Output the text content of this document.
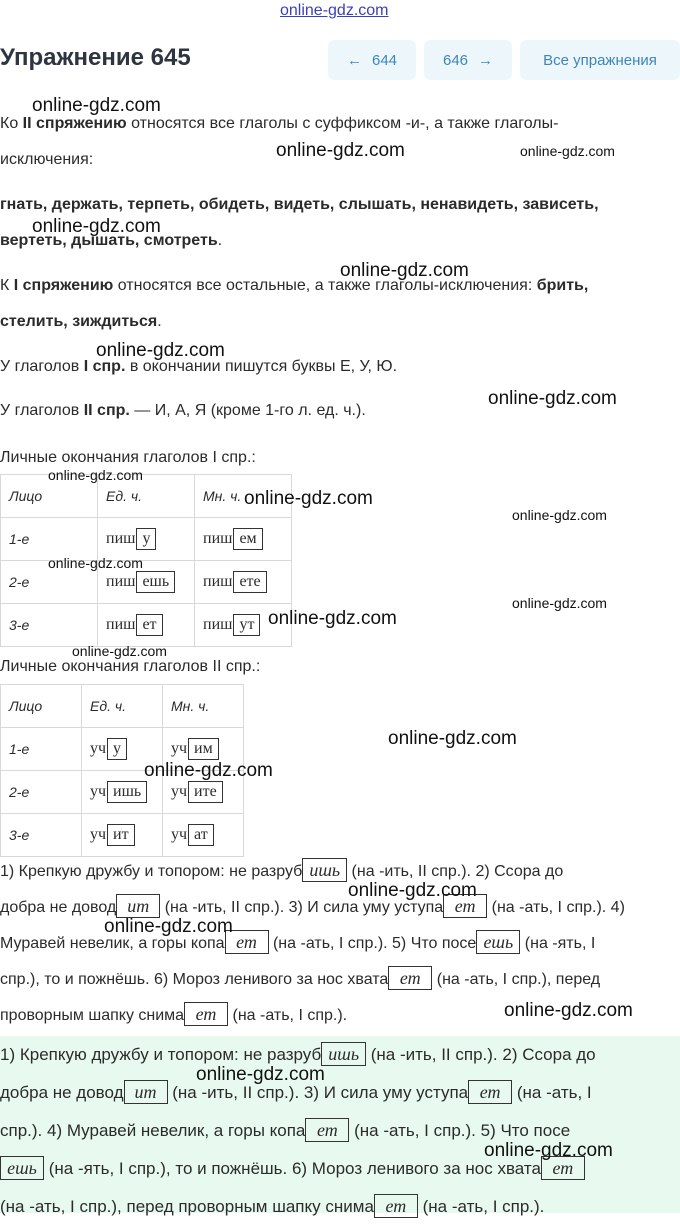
online-gdz.com
Упражнение 645	← 644	646 →	Все упражнения
Ко II спряжению относятся все глаголы с суффиксом -и-, а также глаголы-
исключения:
гнать, держать, терпеть, обидеть, видеть, слышать, ненавидеть, зависеть,
вертеть, дышать, смотреть.
К I спряжению относятся все остальные, а также глаголы-исключения: брить,
стелить, зиждиться.
У глаголов I спр. в окончании пишутся буквы Е, У, Ю.
У глаголов II спр. — И, А, Я (кроме 1-го л. ед. ч.).
Личные окончания глаголов I спр.:
Лицо	Ед. ч.	Мн. ч.
1-е	пиш у	пиш ем
2-е	пиш ешь	пиш ете
3-е	пиш ет	пиш ут
Личные окончания глаголов II спр.:
Лицо	Ед. ч.	Мн. ч.
1-е	уч у	уч им
2-е	уч ишь	уч ите
3-е	уч ит	уч ат
1) Крепкую дружбу и топором: не разруб ишь (на -ить, II спр.). 2) Ссора до
добра не довод ит (на -ить, II спр.). 3) И сила уму уступа ет (на -ать, I спр.). 4)
Муравей невелик, а горы копа ет (на -ать, I спр.). 5) Что посе ешь (на -ять, I
спр.), то и пожнёшь. 6) Мороз ленивого за нос хвата ет (на -ать, I спр.), перед
проворным шапку снима ет (на -ать, I спр.).
1) Крепкую дружбу и топором: не разруб ишь (на -ить, II спр.). 2) Ссора до
добра не довод ит (на -ить, II спр.). 3) И сила уму уступа ет (на -ать, I
спр.). 4) Муравей невелик, а горы копа ет (на -ать, I спр.). 5) Что посе
ешь (на -ять, I спр.), то и пожнёшь. 6) Мороз ленивого за нос хвата ет
(на -ать, I спр.), перед проворным шапку снима ет (на -ать, I спр.).
online-gdz.com
online-gdz.com	online-gdz.com
online-gdz.com
online-gdz.com
online-gdz.com
online-gdz.com
online-gdz.com
online-gdz.com
online-gdz.com
online-gdz.com
online-gdz.com
online-gdz.com
online-gdz.com
online-gdz.com
online-gdz.com
online-gdz.com
online-gdz.com
online-gdz.com
online-gdz.com
online-gdz.com
